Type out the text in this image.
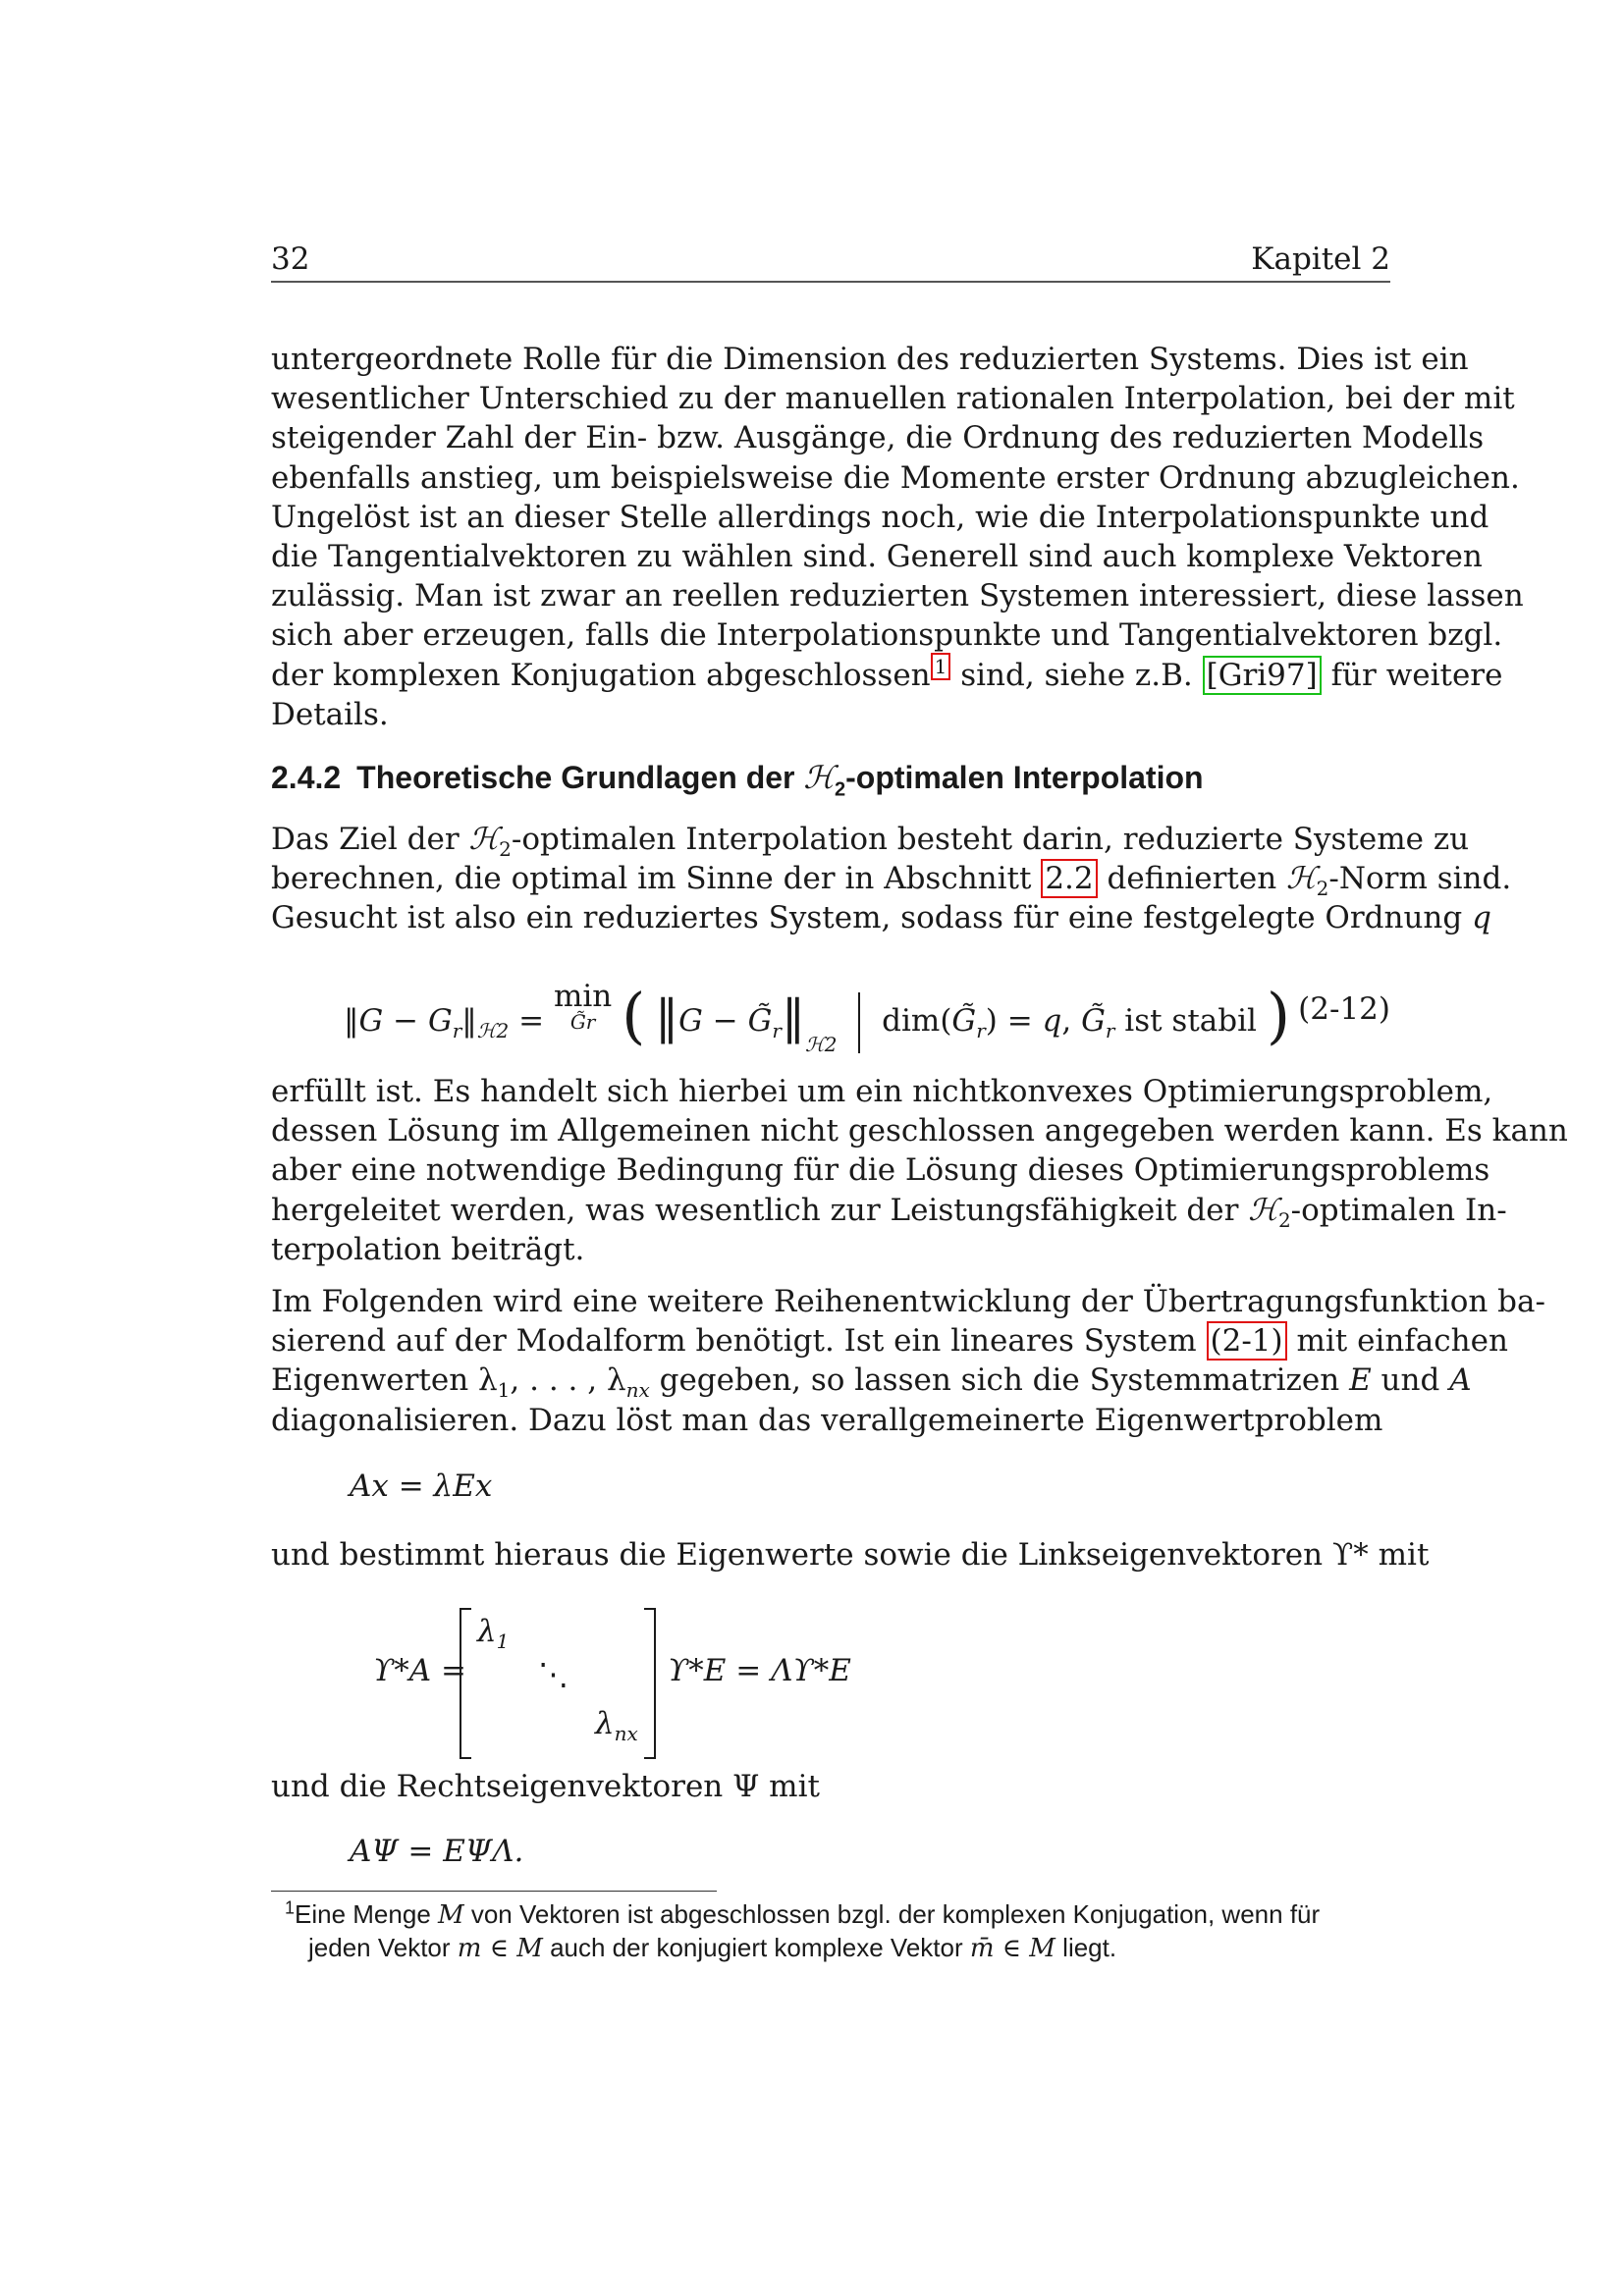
32	Kapitel 2
untergeordnete Rolle für die Dimension des reduzierten Systems. Dies ist ein
wesentlicher Unterschied zu der manuellen rationalen Interpolation, bei der mit
steigender Zahl der Ein- bzw. Ausgänge, die Ordnung des reduzierten Modells
ebenfalls anstieg, um beispielsweise die Momente erster Ordnung abzugleichen.
Ungelöst ist an dieser Stelle allerdings noch, wie die Interpolationspunkte und
die Tangentialvektoren zu wählen sind. Generell sind auch komplexe Vektoren
zulässig. Man ist zwar an reellen reduzierten Systemen interessiert, diese lassen
sich aber erzeugen, falls die Interpolationspunkte und Tangentialvektoren bzgl.
der komplexen Konjugation abgeschlossen $^1$ sind, siehe z.B. [Gri97] für weitere
Details.
2.4.2 Theoretische Grundlagen der ℋ$_2$-optimalen Interpolation
Das Ziel der ℋ$_2$-optimalen Interpolation besteht darin, reduzierte Systeme zu
berechnen, die optimal im Sinne der in Abschnitt 2.2 definierten ℋ$_2$-Norm sind.
Gesucht ist also ein reduziertes System, sodass für eine festgelegte Ordnung q
‖G − $G_r‖_{ℋ2}$ =
min
G̃r ( ‖G − $G̃_r‖_{ℋ2}$  $dim(G̃_r) = q$, $G̃_r$ ist stabil ) (2-12)
erfüllt ist. Es handelt sich hierbei um ein nichtkonvexes Optimierungsproblem,
dessen Lösung im Allgemeinen nicht geschlossen angegeben werden kann. Es kann
aber eine notwendige Bedingung für die Lösung dieses Optimierungsproblems
hergeleitet werden, was wesentlich zur Leistungsfähigkeit der ℋ$_2$-optimalen In-
terpolation beiträgt.
Im Folgenden wird eine weitere Reihenentwicklung der Übertragungsfunktion ba-
sierend auf der Modalform benötigt. Ist ein lineares System (2-1) mit einfachen
Eigenwerten $\lambda_1$, . . . , $\lambda_{nx}$ gegeben, so lassen sich die Systemmatrizen E und A
diagonalisieren. Dazu löst man das verallgemeinerte Eigenwertproblem
Ax = λEx
und bestimmt hieraus die Eigenwerte sowie die Linkseigenvektoren ϒ* mit
ϒ*A =
$\lambda_1$
⋱
$\lambda_{nx}$
ϒ*E = Λϒ*E
und die Rechtseigenvektoren Ψ mit
AΨ = EΨΛ.
$^1$Eine Menge M von Vektoren ist abgeschlossen bzgl. der komplexen Konjugation, wenn für
jeden Vektor m ∈ M auch der konjugiert komplexe Vektor m̄ ∈ M liegt.
